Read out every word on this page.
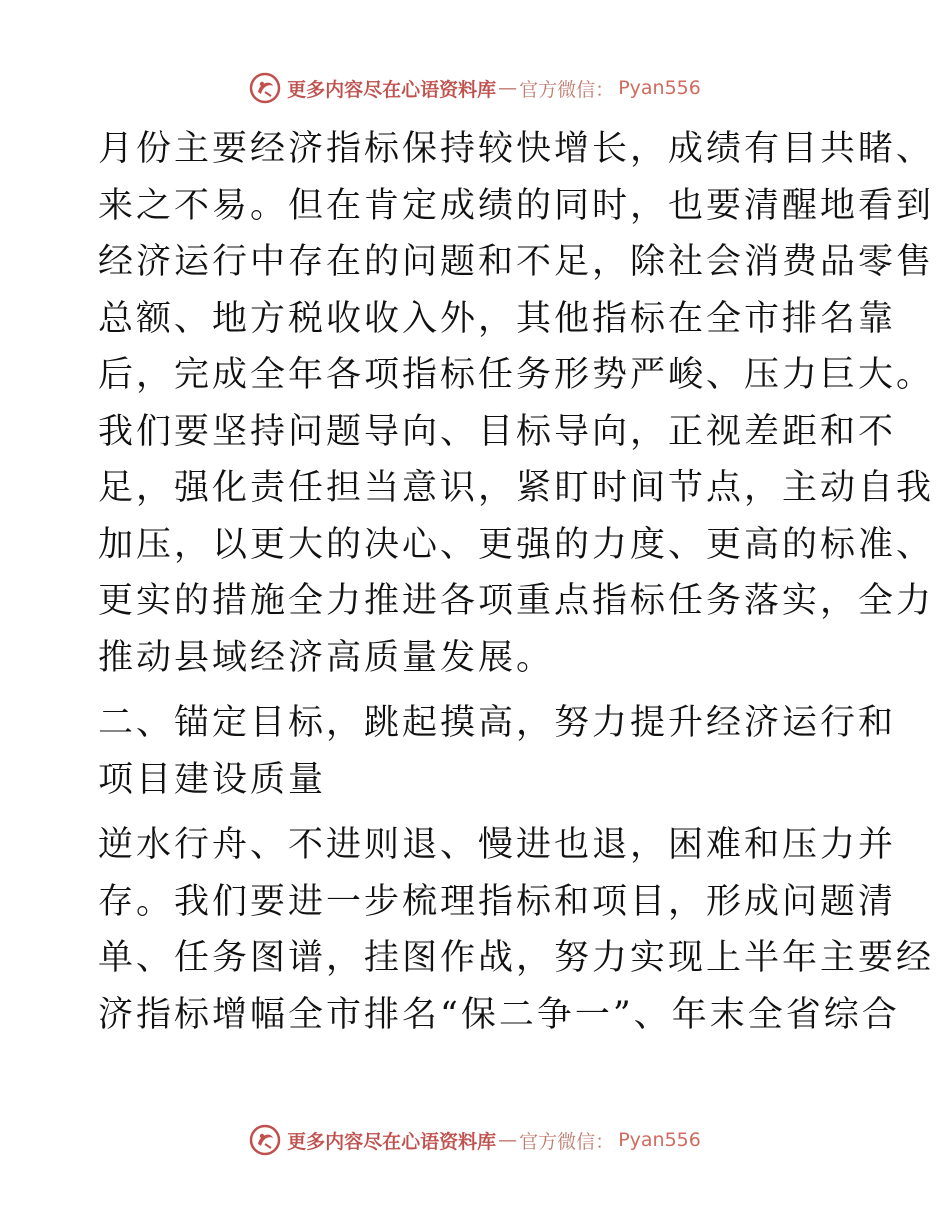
更多内容尽在心语资料库 — 官方微信： Pyan556
月份主要经济指标保持较快增长，成绩有目共睹、
来之不易。但在肯定成绩的同时，也要清醒地看到
经济运行中存在的问题和不足，除社会消费品零售
总额、地方税收收入外，其他指标在全市排名靠
后，完成全年各项指标任务形势严峻、压力巨大。
我们要坚持问题导向、目标导向，正视差距和不
足，强化责任担当意识，紧盯时间节点，主动自我
加压，以更大的决心、更强的力度、更高的标准、
更实的措施全力推进各项重点指标任务落实，全力
推动县域经济高质量发展。
二、锚定目标，跳起摸高，努力提升经济运行和
项目建设质量
逆水行舟、不进则退、慢进也退，困难和压力并
存。我们要进一步梳理指标和项目，形成问题清
单、任务图谱，挂图作战，努力实现上半年主要经
济指标增幅全市排名“保二争一”、年末全省综合
更多内容尽在心语资料库 — 官方微信： Pyan556
